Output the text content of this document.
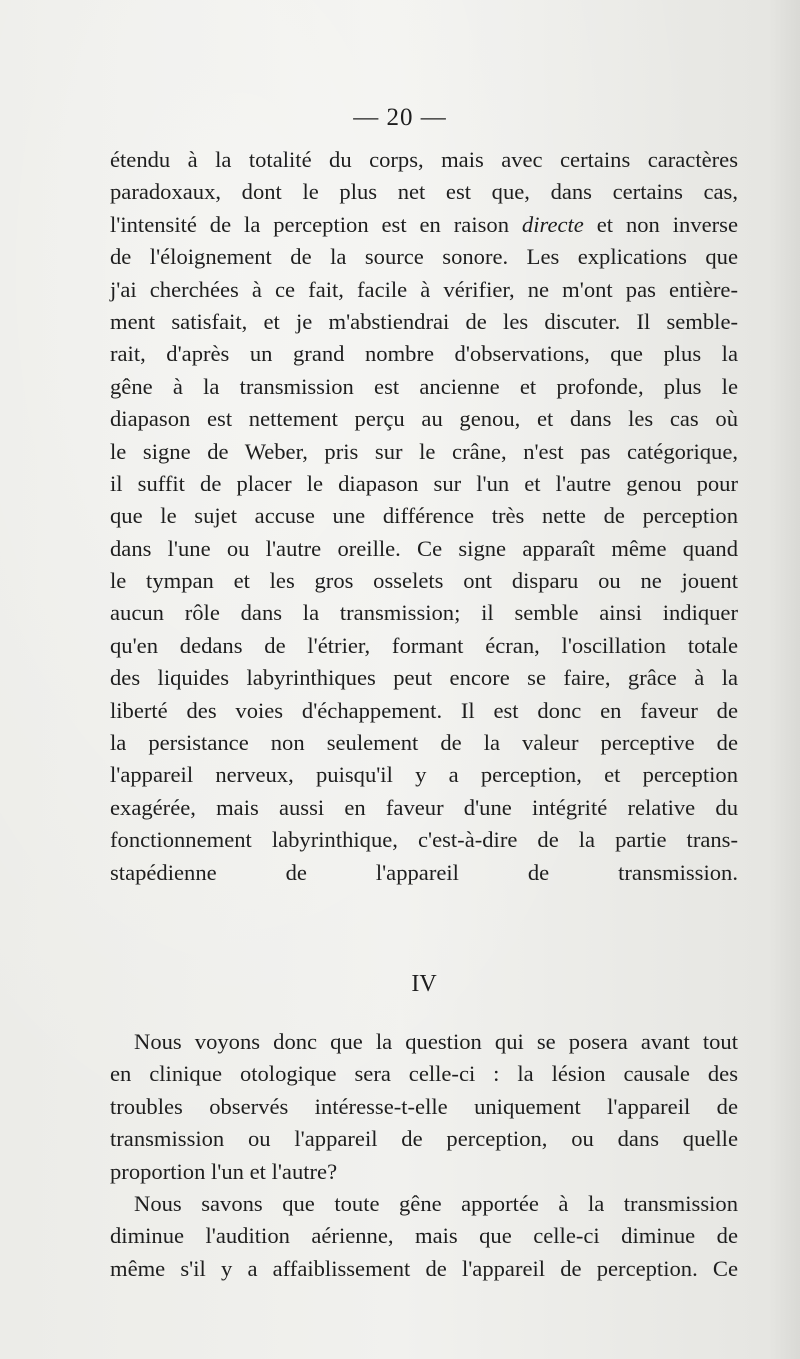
— 20 —
étendu à la totalité du corps, mais avec certains caractères
paradoxaux, dont le plus net est que, dans certains cas,
l'intensité de la perception est en raison directe et non inverse
de l'éloignement de la source sonore. Les explications que
j'ai cherchées à ce fait, facile à vérifier, ne m'ont pas entière-
ment satisfait, et je m'abstiendrai de les discuter. Il semble-
rait, d'après un grand nombre d'observations, que plus la
gêne à la transmission est ancienne et profonde, plus le
diapason est nettement perçu au genou, et dans les cas où
le signe de Weber, pris sur le crâne, n'est pas catégorique,
il suffit de placer le diapason sur l'un et l'autre genou pour
que le sujet accuse une différence très nette de perception
dans l'une ou l'autre oreille. Ce signe apparaît même quand
le tympan et les gros osselets ont disparu ou ne jouent
aucun rôle dans la transmission; il semble ainsi indiquer
qu'en dedans de l'étrier, formant écran, l'oscillation totale
des liquides labyrinthiques peut encore se faire, grâce à la
liberté des voies d'échappement. Il est donc en faveur de
la persistance non seulement de la valeur perceptive de
l'appareil nerveux, puisqu'il y a perception, et perception
exagérée, mais aussi en faveur d'une intégrité relative du
fonctionnement labyrinthique, c'est-à-dire de la partie trans-
stapédienne de l'appareil de transmission.
IV
Nous voyons donc que la question qui se posera avant tout
en clinique otologique sera celle-ci : la lésion causale des
troubles observés intéresse-t-elle uniquement l'appareil de
transmission ou l'appareil de perception, ou dans quelle
proportion l'un et l'autre?
Nous savons que toute gêne apportée à la transmission
diminue l'audition aérienne, mais que celle-ci diminue de
même s'il y a affaiblissement de l'appareil de perception. Ce
